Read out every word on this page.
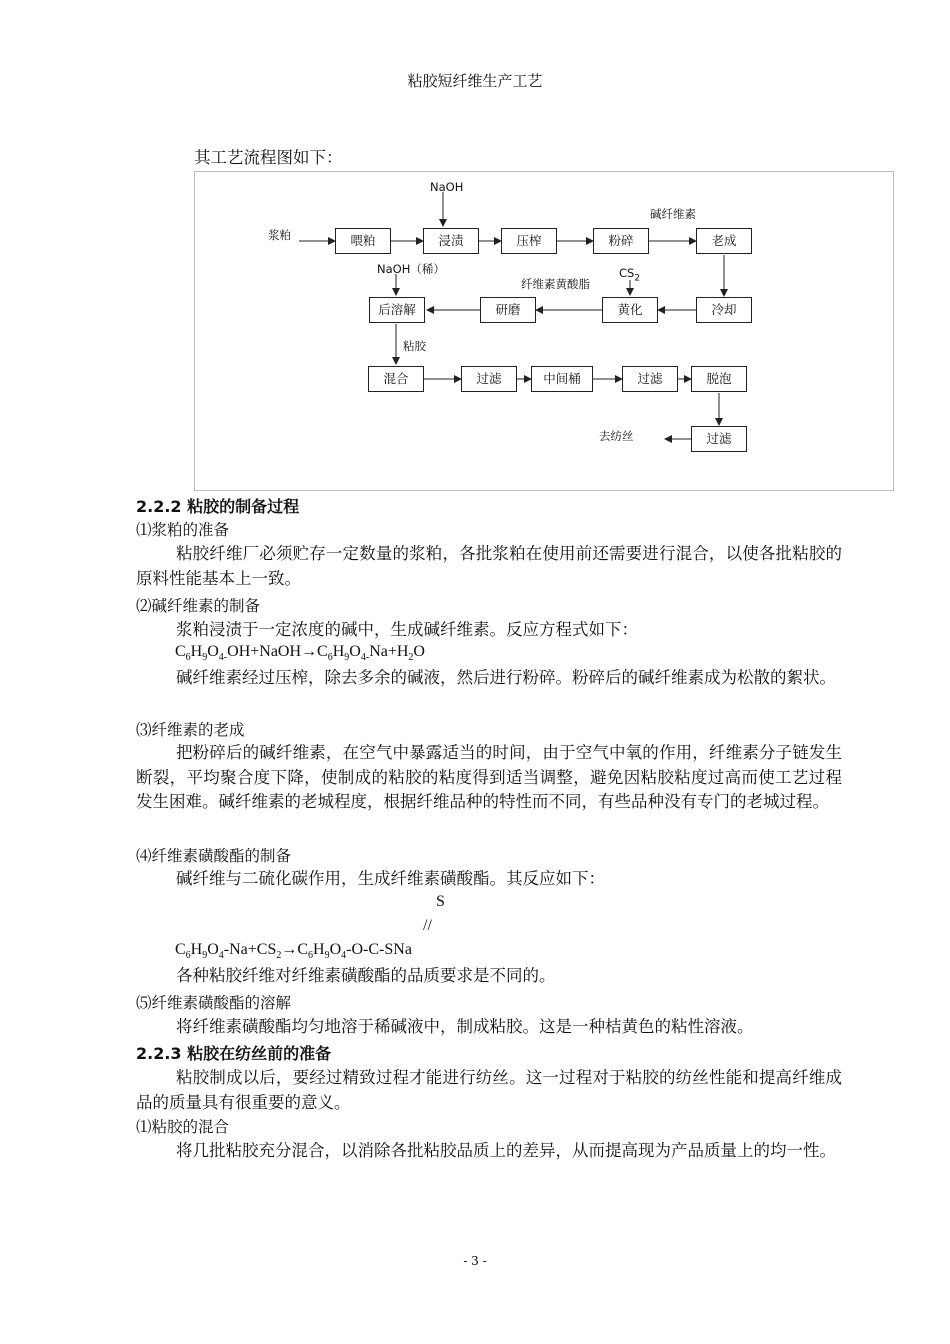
粘胶短纤维生产工艺
其工艺流程图如下：
喂粕	浸渍	压榨	粉碎	老成
冷却
黄化
研磨
后溶解
混合	过滤	中间桶	过滤	脱泡
过滤
浆粕
NaOH
碱纤维素
NaOH（稀）
纤维素黄酸脂
$CS_2$
粘胶
去纺丝
2.2.2 粘胶的制备过程
⑴浆粕的准备
粘胶纤维厂必须贮存一定数量的浆粕，各批浆粕在使用前还需要进行混合，以使各批粘胶的原料性能基本上一致。
⑵碱纤维素的制备
浆粕浸渍于一定浓度的碱中，生成碱纤维素。反应方程式如下：
$C_6H_9O_{4-}OH+NaOH\to C_6H_9O_{4-}Na+H_2O$
碱纤维素经过压榨，除去多余的碱液，然后进行粉碎。粉碎后的碱纤维素成为松散的絮状。
⑶纤维素的老成
把粉碎后的碱纤维素，在空气中暴露适当的时间，由于空气中氧的作用，纤维素分子链发生断裂，平均聚合度下降，使制成的粘胶的粘度得到适当调整，避免因粘胶粘度过高而使工艺过程发生困难。碱纤维素的老城程度，根据纤维品种的特性而不同，有些品种没有专门的老城过程。
⑷纤维素磺酸酯的制备
碱纤维与二硫化碳作用，生成纤维素磺酸酯。其反应如下：
S
//
$C_6H_9O_4-Na+CS_2\to C_6H_9O_4-O-C$-SNa
各种粘胶纤维对纤维素磺酸酯的品质要求是不同的。
⑸纤维素磺酸酯的溶解
将纤维素磺酸酯均匀地溶于稀碱液中，制成粘胶。这是一种桔黄色的粘性溶液。
2.2.3 粘胶在纺丝前的准备
粘胶制成以后，要经过精致过程才能进行纺丝。这一过程对于粘胶的纺丝性能和提高纤维成品的质量具有很重要的意义。
⑴粘胶的混合
将几批粘胶充分混合，以消除各批粘胶品质上的差异，从而提高现为产品质量上的均一性。
- 3 -
